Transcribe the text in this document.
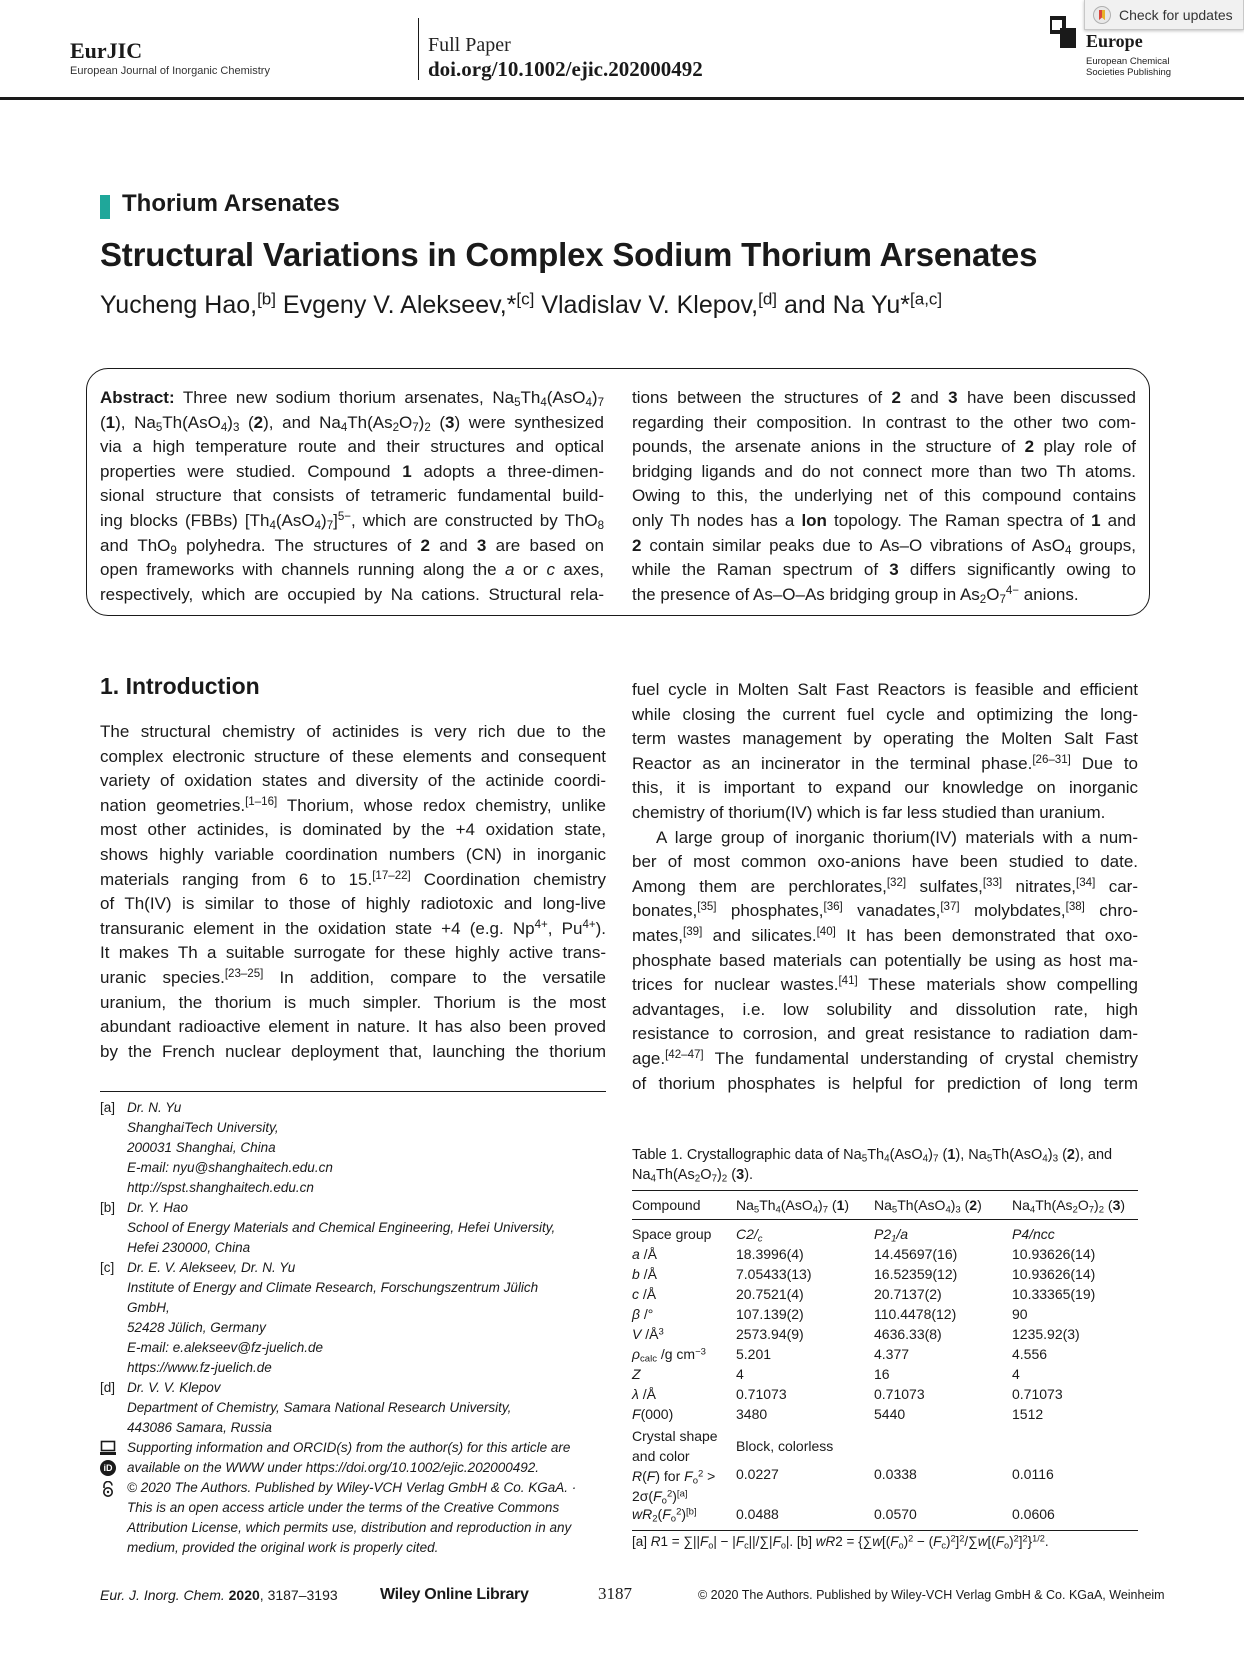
EurJIC
European Journal of Inorganic Chemistry
Full Paper
doi.org/10.1002/ejic.202000492
Europe
European Chemical
Societies Publishing
Check for updates
Thorium Arsenates
Structural Variations in Complex Sodium Thorium Arsenates
Yucheng Hao,[b] Evgeny V. Alekseev,*[c] Vladislav V. Klepov,[d] and Na Yu*[a,c]
Abstract: Three new sodium thorium arsenates, $Na_5Th_4(AsO_4)_7$
(1), $Na_5Th(AsO_4)_3$ (2), and $Na_4Th(As_2O_7)_2$ (3) were synthesized
via a high temperature route and their structures and optical
properties were studied. Compound 1 adopts a three-dimen-
sional structure that consists of tetrameric fundamental build-
ing blocks (FBBs) $[Th_4(AsO_4)_7]^{5-}$, which are constructed by ThO$_8$
and ThO$_9$ polyhedra. The structures of 2 and 3 are based on
open frameworks with channels running along the a or c axes,
respectively, which are occupied by Na cations. Structural rela-
tions between the structures of 2 and 3 have been discussed
regarding their composition. In contrast to the other two com-
pounds, the arsenate anions in the structure of 2 play role of
bridging ligands and do not connect more than two Th atoms.
Owing to this, the underlying net of this compound contains
only Th nodes has a lon topology. The Raman spectra of 1 and
2 contain similar peaks due to As–O vibrations of AsO$_4$ groups,
while the Raman spectrum of 3 differs significantly owing to
the presence of As–O–As bridging group in $As_2O_7^{4-}$ anions.
1. Introduction
The structural chemistry of actinides is very rich due to the
complex electronic structure of these elements and consequent
variety of oxidation states and diversity of the actinide coordi-
nation geometries.[1–16] Thorium, whose redox chemistry, unlike
most other actinides, is dominated by the +4 oxidation state,
shows highly variable coordination numbers (CN) in inorganic
materials ranging from 6 to 15.[17–22] Coordination chemistry
of Th(IV) is similar to those of highly radiotoxic and long-live
transuranic element in the oxidation state +4 (e.g. $Np^{4+}$, $Pu^{4+}$).
It makes Th a suitable surrogate for these highly active trans-
uranic species.[23–25] In addition, compare to the versatile
uranium, the thorium is much simpler. Thorium is the most
abundant radioactive element in nature. It has also been proved
by the French nuclear deployment that, launching the thorium
fuel cycle in Molten Salt Fast Reactors is feasible and efficient
while closing the current fuel cycle and optimizing the long-
term wastes management by operating the Molten Salt Fast
Reactor as an incinerator in the terminal phase.[26–31] Due to
this, it is important to expand our knowledge on inorganic
chemistry of thorium(IV) which is far less studied than uranium.
A large group of inorganic thorium(IV) materials with a num-
ber of most common oxo-anions have been studied to date.
Among them are perchlorates,[32] sulfates,[33] nitrates,[34] car-
bonates,[35] phosphates,[36] vanadates,[37] molybdates,[38] chro-
mates,[39] and silicates.[40] It has been demonstrated that oxo-
phosphate based materials can potentially be using as host ma-
trices for nuclear wastes.[41] These materials show compelling
advantages, i.e. low solubility and dissolution rate, high
resistance to corrosion, and great resistance to radiation dam-
age.[42–47] The fundamental understanding of crystal chemistry
of thorium phosphates is helpful for prediction of long term
[a] Dr. N. Yu
ShanghaiTech University,
200031 Shanghai, China
E-mail: nyu@shanghaitech.edu.cn
http://spst.shanghaitech.edu.cn
[b] Dr. Y. Hao
School of Energy Materials and Chemical Engineering, Hefei University,
Hefei 230000, China
[c] Dr. E. V. Alekseev, Dr. N. Yu
Institute of Energy and Climate Research, Forschungszentrum Jülich
GmbH,
52428 Jülich, Germany
E-mail: e.alekseev@fz-juelich.de
https://www.fz-juelich.de
[d] Dr. V. V. Klepov
Department of Chemistry, Samara National Research University,
443086 Samara, Russia
iD
Supporting information and ORCID(s) from the author(s) for this article are
available on the WWW under https://doi.org/10.1002/ejic.202000492.
© 2020 The Authors. Published by Wiley-VCH Verlag GmbH & Co. KGaA. ·
This is an open access article under the terms of the Creative Commons
Attribution License, which permits use, distribution and reproduction in any
medium, provided the original work is properly cited.
Table 1. Crystallographic data of $Na_5Th_4(AsO_4)_7$ (1), $Na_5Th(AsO_4)_3$ (2), and $Na_4Th(As_2O_7)_2$ (3).
Compound	$Na_5Th_4(AsO_4)_7$ (1)	$Na_5Th(AsO_4)_3$ (2)	$Na_4Th(As_2O_7)_2$ (3)
Space group	$C2/_c$	$P2_1/a$	P4/ncc
a /Å	18.3996(4)	14.45697(16)	10.93626(14)
b /Å	7.05433(13)	16.52359(12)	10.93626(14)
c /Å	20.7521(4)	20.7137(2)	10.33365(19)
β /°	107.139(2)	110.4478(12)	90
V $/Å^3$	2573.94(9)	4636.33(8)	1235.92(3)
$\rho_{calc}$ /g $cm^{-3}$	5.201	4.377	4.556
Z	4	16	4
λ /Å	0.71073	0.71073	0.71073
F(000)	3480	5440	1512
Crystal shape and color	Block, colorless		
R(F) for $F_o^2 > 2\sigma(F_o^2)[a]$	0.0227	0.0338	0.0116
$wR_2(F_o^2)[b]$	0.0488	0.0570	0.0606
[a] $R1 = \sum||F_o| - |F_c||/\sum|F_o|$. [b] $wR2 = \{\sum w[(F_o)^2 - (F_c)^2]^2/\sum w[(F_o)^2]^2\}^{1/2}$.
Eur. J. Inorg. Chem. 2020, 3187–3193	Wiley Online Library	3187	© 2020 The Authors. Published by Wiley-VCH Verlag GmbH & Co. KGaA, Weinheim
